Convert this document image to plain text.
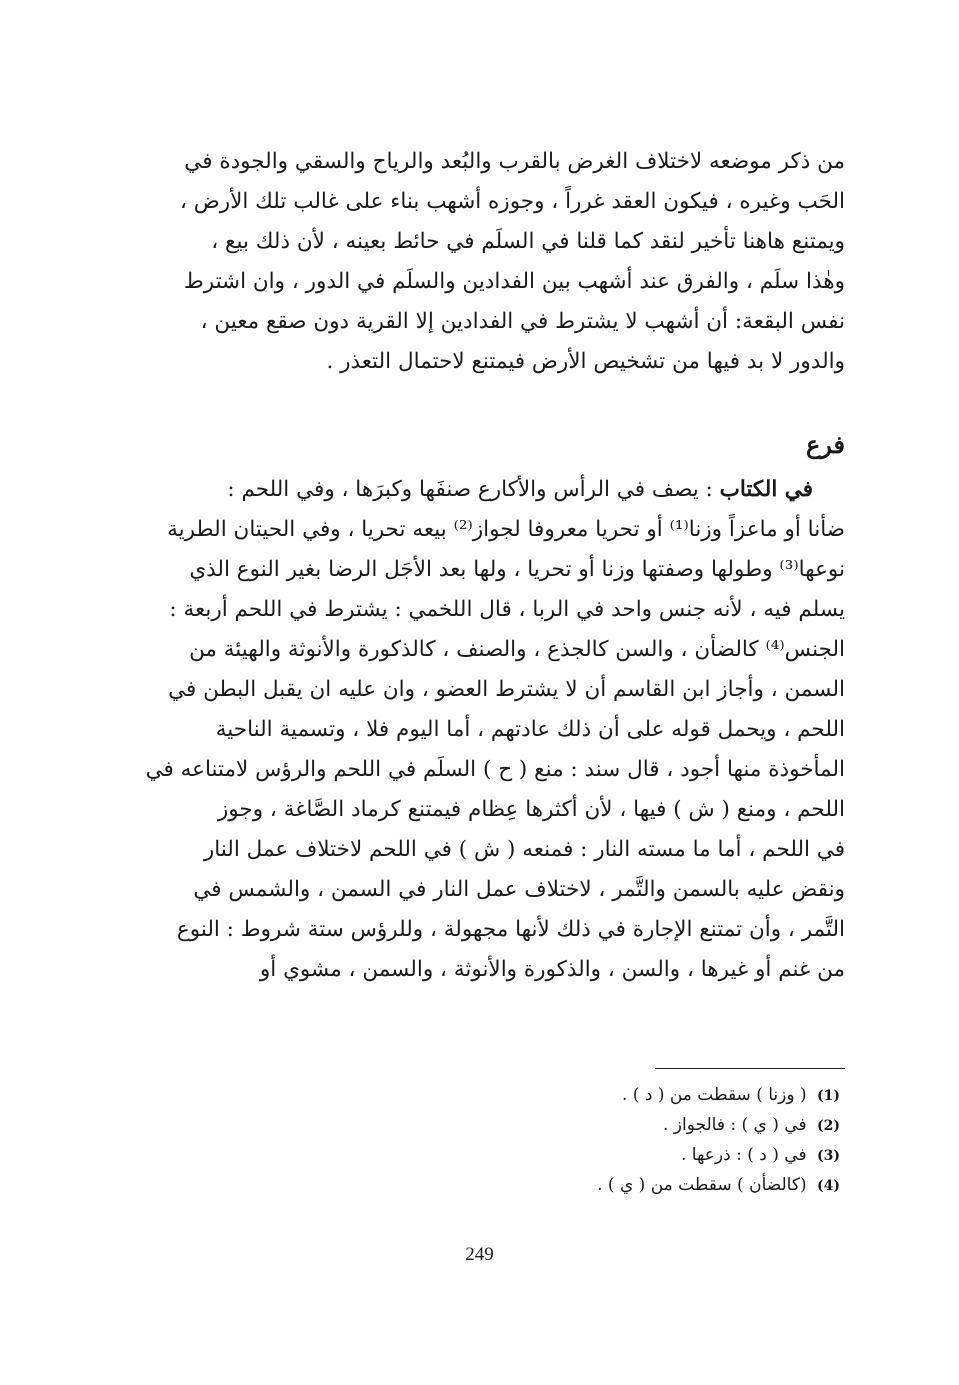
من ذكر موضعه لاختلاف الغرض بالقرب والبُعد والرياح والسقي والجودة في
الحَب وغيره ، فيكون العقد غرراً ، وجوزه أشهب بناء على غالب تلك الأرض ،
ويمتنع هاهنا تأخير لنقد كما قلنا في السلَم في حائط بعينه ، لأن ذلك بيع ،
وهٰذا سلَم ، والفرق عند أشهب بين الفدادين والسلَم في الدور ، وان اشترط
نفس البقعة: أن أشهب لا يشترط في الفدادين إلا القرية دون صقع معين ،
والدور لا بد فيها من تشخيص الأرض فيمتنع لاحتمال التعذر .
فرع
في الكتاب : يصف في الرأس والأكارع صنفَها وكبرَها ، وفي اللحم :
ضأنا أو ماعزاً وزنا⁽¹⁾ أو تحريا معروفا لجواز⁽²⁾ بيعه تحريا ، وفي الحيتان الطرية
نوعها⁽³⁾ وطولها وصفتها وزنا أو تحريا ، ولها بعد الأجَل الرضا بغير النوع الذي
يسلم فيه ، لأنه جنس واحد في الربا ، قال اللخمي : يشترط في اللحم أربعة :
الجنس⁽⁴⁾ كالضأن ، والسن كالجذع ، والصنف ، كالذكورة والأنوثة والهيئة من
السمن ، وأجاز ابن القاسم أن لا يشترط العضو ، وان عليه ان يقبل البطن في
اللحم ، ويحمل قوله على أن ذلك عادتهم ، أما اليوم فلا ، وتسمية الناحية
المأخوذة منها أجود ، قال سند : منع ( ح ) السلَم في اللحم والرؤس لامتناعه في
اللحم ، ومنع ( ش ) فيها ، لأن أكثرها عِظام فيمتنع كرماد الصَّاغة ، وجوز
في اللحم ، أما ما مسته النار : فمنعه ( ش ) في اللحم لاختلاف عمل النار
ونقض عليه بالسمن والتَّمر ، لاختلاف عمل النار في السمن ، والشمس في
التَّمر ، وأن تمتنع الإجارة في ذلك لأنها مجهولة ، وللرؤس ستة شروط : النوع
من غنم أو غيرها ، والسن ، والذكورة والأنوثة ، والسمن ، مشوي أو
(1) ( وزنا ) سقطت من ( د ) .
(2) في ( ي ) : فالجواز .
(3) في ( د ) : ذرعها .
(4) (كالضأن ) سقطت من ( ي ) .
249
